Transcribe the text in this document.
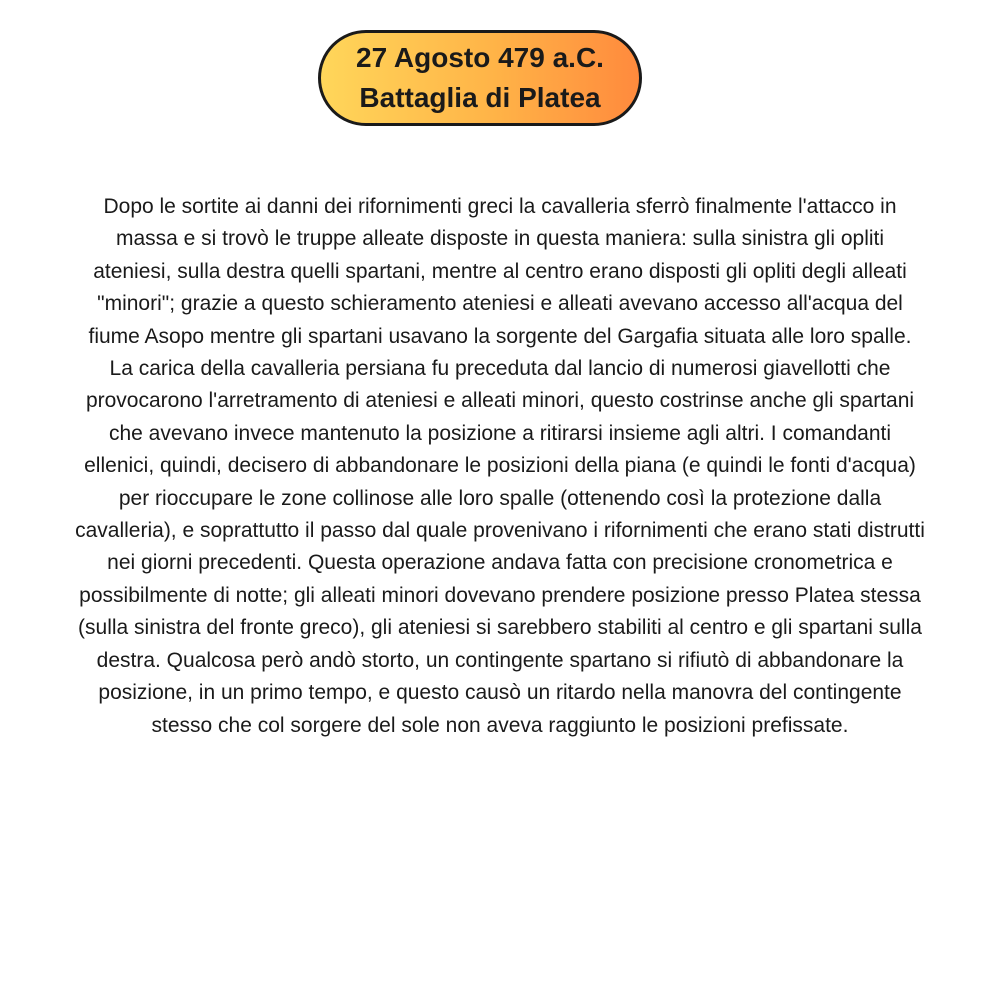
27 Agosto 479 a.C.
Battaglia di Platea

Dopo le sortite ai danni dei rifornimenti greci la cavalleria sferrò finalmente l'attacco in
massa e si trovò le truppe alleate disposte in questa maniera: sulla sinistra gli opliti
ateniesi, sulla destra quelli spartani, mentre al centro erano disposti gli opliti degli alleati
"minori"; grazie a questo schieramento ateniesi e alleati avevano accesso all'acqua del
fiume Asopo mentre gli spartani usavano la sorgente del Gargafia situata alle loro spalle.
La carica della cavalleria persiana fu preceduta dal lancio di numerosi giavellotti che
provocarono l'arretramento di ateniesi e alleati minori, questo costrinse anche gli spartani
che avevano invece mantenuto la posizione a ritirarsi insieme agli altri. I comandanti
ellenici, quindi, decisero di abbandonare le posizioni della piana (e quindi le fonti d'acqua)
per rioccupare le zone collinose alle loro spalle (ottenendo così la protezione dalla
cavalleria), e soprattutto il passo dal quale provenivano i rifornimenti che erano stati distrutti
nei giorni precedenti. Questa operazione andava fatta con precisione cronometrica e
possibilmente di notte; gli alleati minori dovevano prendere posizione presso Platea stessa
(sulla sinistra del fronte greco), gli ateniesi si sarebbero stabiliti al centro e gli spartani sulla
destra. Qualcosa però andò storto, un contingente spartano si rifiutò di abbandonare la
posizione, in un primo tempo, e questo causò un ritardo nella manovra del contingente
stesso che col sorgere del sole non aveva raggiunto le posizioni prefissate.
